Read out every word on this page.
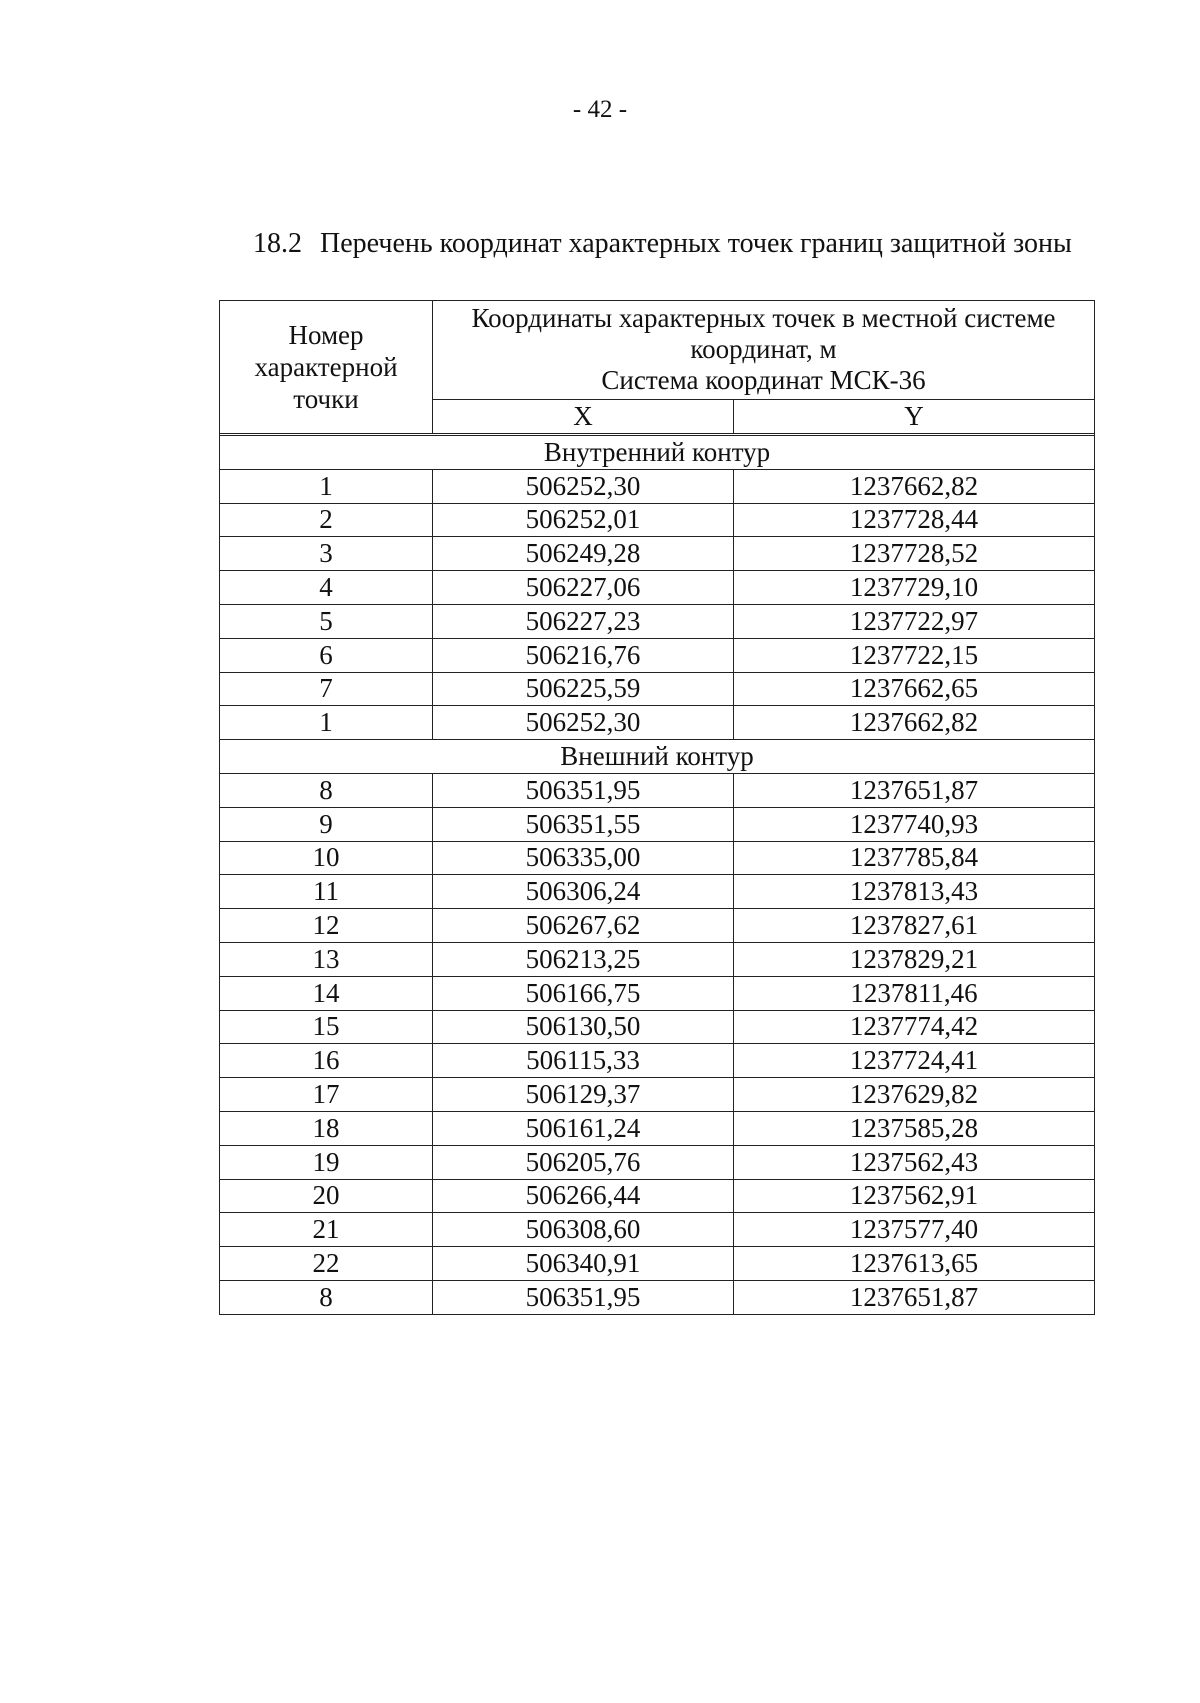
- 42 -
18.2 Перечень координат характерных точек границ защитной зоны
Номер характерной точки	Координаты характерных точек в местной системе координат, м
Система координат МСК-36	

	X	Y

Внутренний контур		
1	506252,30	1237662,82
2	506252,01	1237728,44
3	506249,28	1237728,52
4	506227,06	1237729,10
5	506227,23	1237722,97
6	506216,76	1237722,15
7	506225,59	1237662,65
1	506252,30	1237662,82
Внешний контур		
8	506351,95	1237651,87
9	506351,55	1237740,93
10	506335,00	1237785,84
11	506306,24	1237813,43
12	506267,62	1237827,61
13	506213,25	1237829,21
14	506166,75	1237811,46
15	506130,50	1237774,42
16	506115,33	1237724,41
17	506129,37	1237629,82
18	506161,24	1237585,28
19	506205,76	1237562,43
20	506266,44	1237562,91
21	506308,60	1237577,40
22	506340,91	1237613,65
8	506351,95	1237651,87
